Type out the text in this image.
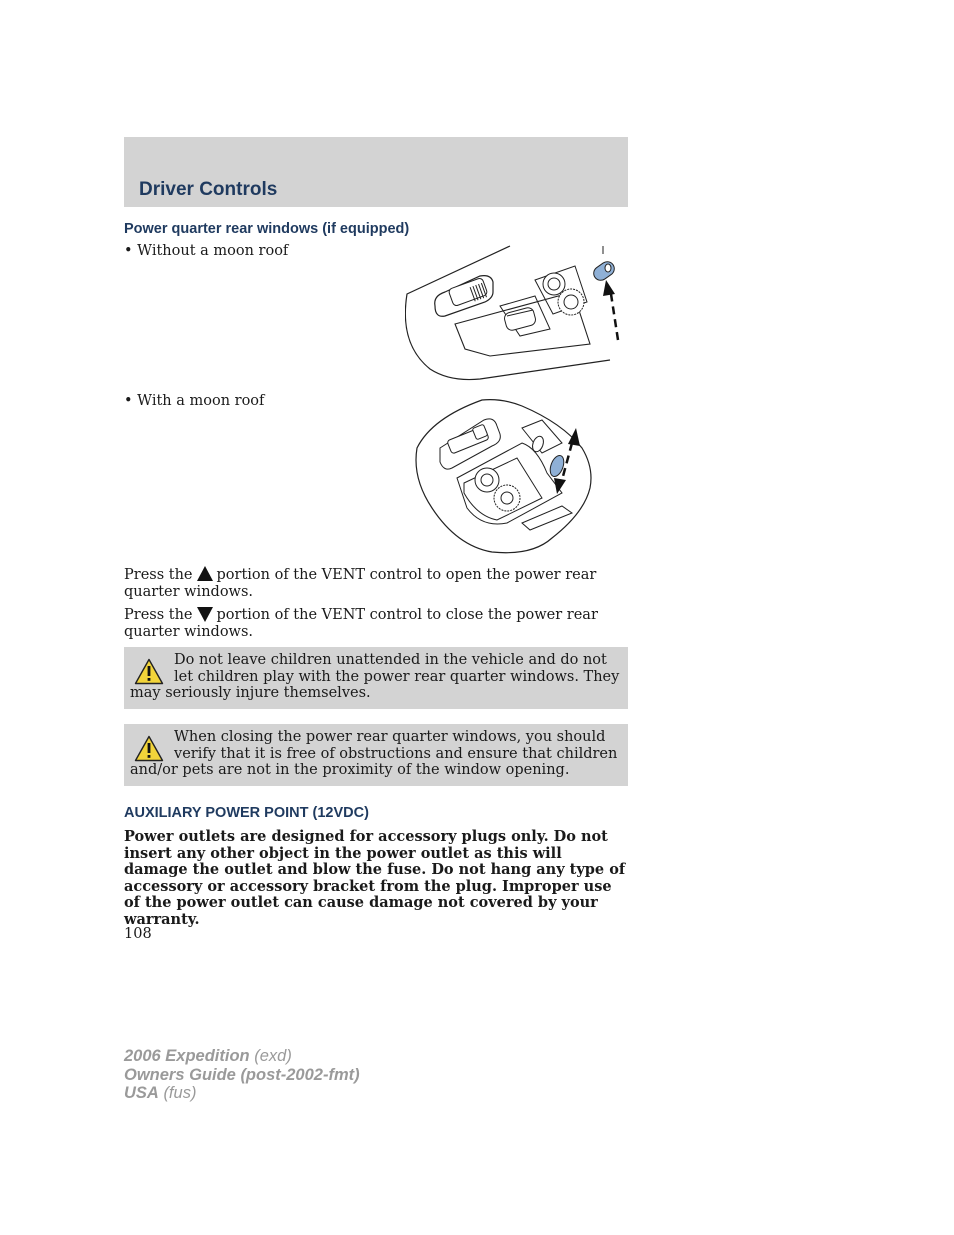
Driver Controls
Power quarter rear windows (if equipped)
• Without a moon roof
• With a moon roof
Press the portion of the VENT control to open the power rear quarter windows.
Press the portion of the VENT control to close the power rear quarter windows.
Do not leave children unattended in the vehicle and do not let children play with the power rear quarter windows. They may seriously injure themselves.
When closing the power rear quarter windows, you should verify that it is free of obstructions and ensure that children and/or pets are not in the proximity of the window opening.
AUXILIARY POWER POINT (12VDC)
Power outlets are designed for accessory plugs only. Do not insert any other object in the power outlet as this will damage the outlet and blow the fuse. Do not hang any type of accessory or accessory bracket from the plug. Improper use of the power outlet can cause damage not covered by your warranty.
108
2006 Expedition (exd)
Owners Guide (post-2002-fmt)
USA (fus)
